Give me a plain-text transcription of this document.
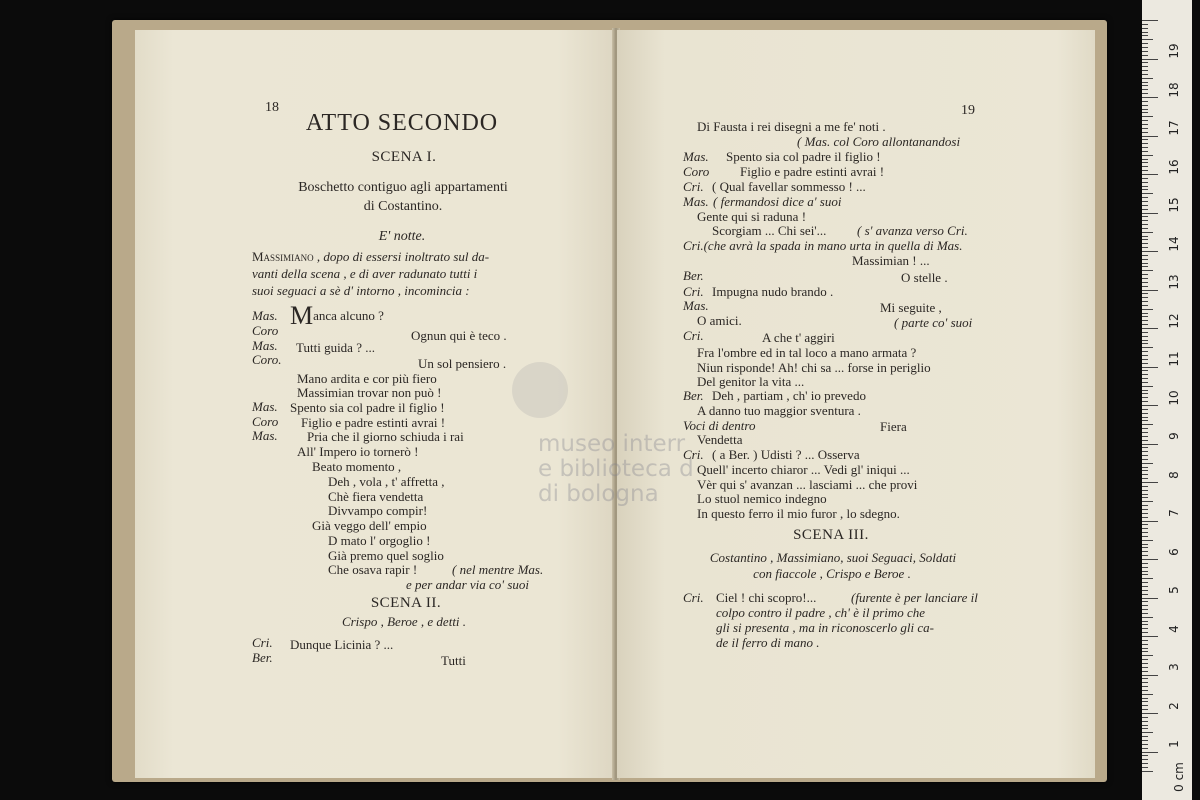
18
ATTO SECONDO
SCENA I.
Boschetto contiguo agli appartamenti
di Costantino.
E' notte.
Massimiano , dopo di essersi inoltrato sul da-
vanti della scena , e di aver radunato tutti i
suoi seguaci a sè d' intorno , incomincia :
Mas. Manca alcuno ?
Coro	Ognun qui è teco .
Mas. Tutti guida ? ...
Coro.	Un sol pensiero .
Mano ardita e cor più fiero
Massimian trovar non può !
Mas. Spento sia col padre il figlio !
Coro Figlio e padre estinti avrai !
Mas. Pria che il giorno schiuda i rai
All' Impero io tornerò !
Beato momento ,
Deh , vola , t' affretta ,
Chè fiera vendetta
Divvampo compir!
Già veggo dell' empio
D mato l' orgoglio !
Già premo quel soglio
Che osava rapir !	( nel mentre Mas.
e per andar via co' suoi
SCENA II.
Crispo , Beroe , e detti .
Cri. Dunque Licinia ? ...
Ber.	Tutti
museo interr
e biblioteca d
di bologna
19
Di Fausta i rei disegni a me fe' noti .
( Mas. col Coro allontanandosi
Mas. Spento sia col padre il figlio !
Coro Figlio e padre estinti avrai !
Cri. ( Qual favellar sommesso ! ...
Mas. ( fermandosi dice a' suoi
Gente qui si raduna !
Scorgiam ... Chi sei'... ( s' avanza verso Cri.
Cri.(che avrà la spada in mano urta in quella di Mas.
Massimian ! ...
Ber.	O stelle .
Cri. Impugna nudo brando .
Mas.	Mi seguite ,
O amici.	( parte co' suoi
Cri.	A che t' aggiri
Fra l'ombre ed in tal loco a mano armata ?
Niun risponde! Ah! chi sa ... forse in periglio
Del genitor la vita ...
Ber. Deh , partiam , ch' io prevedo
A danno tuo maggior sventura .
Voci di dentro	Fiera
Vendetta
Cri. ( a Ber. ) Udisti ? ... Osserva
Quell' incerto chiaror ... Vedi gl' iniqui ...
Vèr qui s' avanzan ... lasciami ... che provi
Lo stuol nemico indegno
In questo ferro il mio furor , lo sdegno.
SCENA III.
Costantino , Massimiano, suoi Seguaci, Soldati
con fiaccole , Crispo e Beroe .
Cri. Ciel ! chi scopro!...	(furente è per lanciare il
colpo contro il padre , ch' è il primo che
gli si presenta , ma in riconoscerlo gli ca-
de il ferro di mano .
19
18
17
16
15
14
13
12
11
10
9
8
7
6
5
4
3
2
1
0 cm
